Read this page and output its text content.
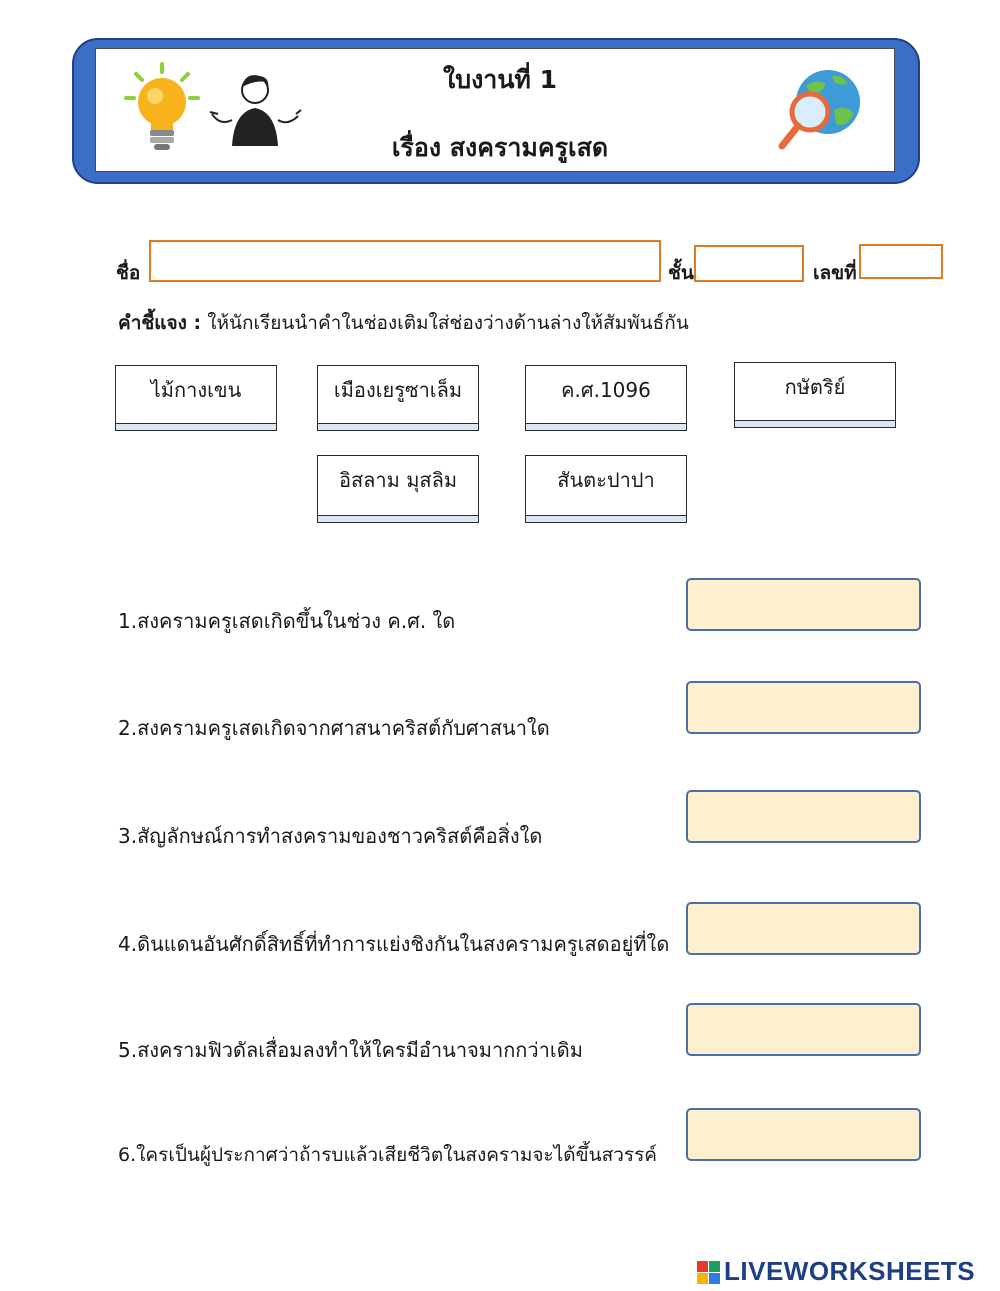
ใบงานที่ 1
เรื่อง สงครามครูเสด
ชื่อ	ชั้น	เลขที่
คำชี้แจง : ให้นักเรียนนำคำในช่องเติมใส่ช่องว่างด้านล่างให้สัมพันธ์กัน
ไม้กางเขน	เมืองเยรูซาเล็ม	ค.ศ.1096	กษัตริย์
อิสลาม มุสลิม	สันตะปาปา
1.สงครามครูเสดเกิดขึ้นในช่วง ค.ศ. ใด
2.สงครามครูเสดเกิดจากศาสนาคริสต์กับศาสนาใด
3.สัญลักษณ์การทำสงครามของชาวคริสต์คือสิ่งใด
4.ดินแดนอันศักดิ์สิทธิ์ที่ทำการแย่งชิงกันในสงครามครูเสดอยู่ที่ใด
5.สงครามฟิวดัลเสื่อมลงทำให้ใครมีอำนาจมากกว่าเดิม
6.ใครเป็นผู้ประกาศว่าถ้ารบแล้วเสียชีวิตในสงครามจะได้ขึ้นสวรรค์
LIVEWORKSHEETS
